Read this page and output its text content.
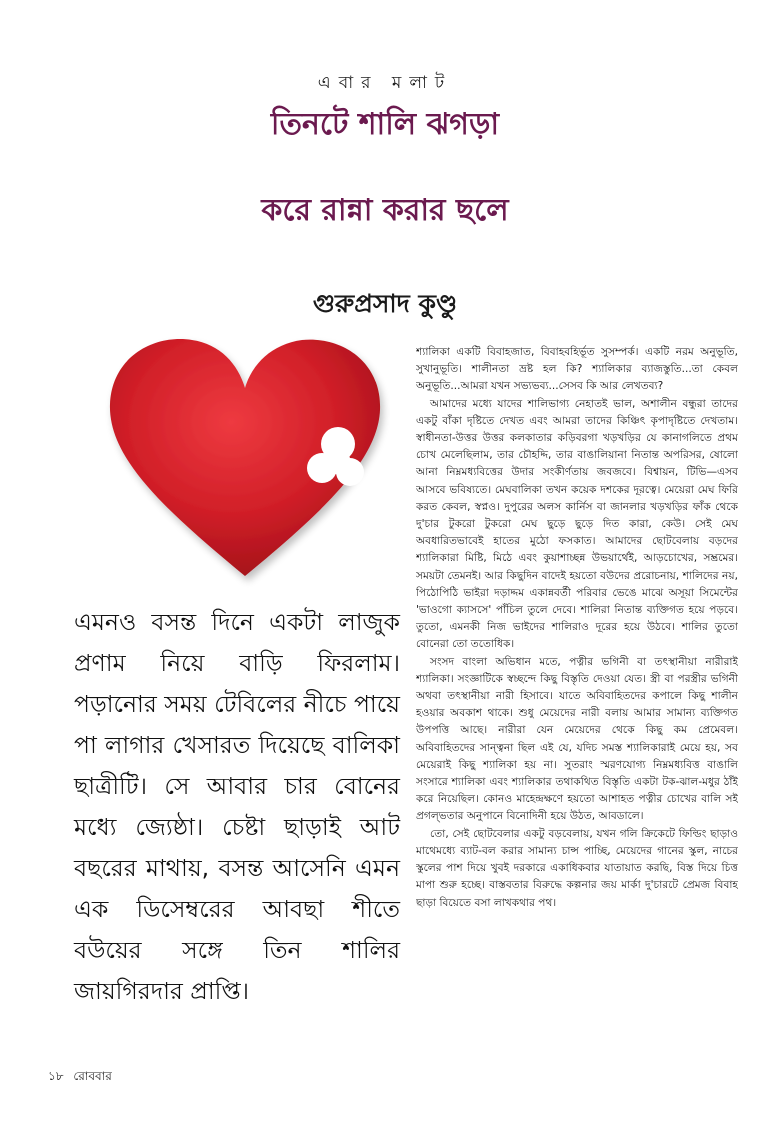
এবার মলাট
তিনটে শালি ঝগড়া
করে রান্না করার ছলে
গুরুপ্রসাদ কুণ্ডু
এমনও বসন্ত দিনে একটা লাজুক প্রণাম নিয়ে বাড়ি ফিরলাম। পড়ানোর সময় টেবিলের নীচে পায়ে পা লাগার খেসারত দিয়েছে বালিকা ছাত্রীটি। সে আবার চার বোনের মধ্যে জ্যেষ্ঠা। চেষ্টা ছাড়াই আট বছরের মাথায়, বসন্ত আসেনি এমন এক ডিসেম্বরের আবছা শীতে বউয়ের সঙ্গে তিন শালির জায়গিরদার প্রাপ্তি।

শ্যালিকা একটি বিবাহজাত, বিবাহবহির্ভূত সুসম্পর্ক। একটি নরম অনুভূতি, সুখানুভূতি। শালীনতা ভ্রষ্ট হল কি? শ্যালিকার ব্যাজস্তুতি...তা কেবল অনুভূতি...আমরা যখন সভ্যভব্য...সেসব কি আর লেখতব্য?

আমাদের মধ্যে যাদের শালিভাগ্য নেহাতই ভাল, অশালীন বন্ধুরা তাদের একটু বাঁকা দৃষ্টিতে দেখত এবং আমরা তাদের কিঞ্চিৎ কৃপাদৃষ্টিতে দেখতাম। স্বাধীনতা-উত্তর উত্তর কলকাতার কড়িবরগা খড়খড়ির যে কানাগলিতে প্রথম চোখ মেলেছিলাম, তার চৌহদ্দি, তার বাঙালিয়ানা নিতান্ত অপরিসর, ষোলো আনা নিম্নমধ্যবিত্তের উদার সংকীর্ণতায় জবজবে। বিশ্বায়ন, টিভি—এসব আসবে ভবিষ্যতে। মেঘবালিকা তখন কয়েক দশকের দূরত্বে। মেয়েরা মেঘ ফিরি করত কেবল, স্বপ্নও। দুপুরের অলস কার্নিস বা জানলার খড়খড়ির ফাঁক থেকে দু'চার টুকরো টুকরো মেঘ ছুড়ে ছুড়ে দিত কারা, কেউ। সেই মেঘ অবধারিতভাবেই হাতের মুঠো ফসকাত। আমাদের ছোটবেলায় বড়দের শ্যালিকারা মিষ্টি, মিঠে এবং কুয়াশাচ্ছন্ন উভয়ার্থেই, আড়চোখের, সম্ভ্রমের। সময়টা তেমনই। আর কিছুদিন বাদেই হয়তো বউদের প্ররোচনায়, শালিদের নয়, পিঠোপিঠি ভাইরা দড়াদ্দম একান্নবর্তী পরিবার ভেঙে মাঝে অসূয়া সিমেন্টের 'ভাওগো ক্যাসসে' পাঁচিল তুলে দেবে। শালিরা নিতান্ত ব্যক্তিগত হয়ে পড়বে। তুতো, এমনকী নিজ ভাইদের শালিরাও দূরের হয়ে উঠবে। শালির তুতো বোনেরা তো ততোধিক।

সংসদ বাংলা অভিধান মতে, পত্নীর ভগিনী বা তৎস্থানীয়া নারীরাই শ্যালিকা। সংজ্ঞাটিকে স্বচ্ছন্দে কিছু বিস্তৃতি দেওয়া যেত। স্ত্রী বা পরস্ত্রীর ভগিনী অথবা তৎস্থানীয়া নারী হিসাবে। যাতে অবিবাহিতদের কপালে কিছু শালীন হওয়ার অবকাশ থাকে। শুধু মেয়েদের নারী বলায় আমার সামান্য ব্যক্তিগত উপপত্তি আছে। নারীরা যেন মেয়েদের থেকে কিছু কম প্রেমেবল। অবিবাহিতদের সান্ত্বনা ছিল এই যে, যদিচ সমস্ত শ্যালিকারাই মেয়ে হয়, সব মেয়েরাই কিছু শ্যালিকা হয় না। সুতরাং স্মরণযোগ্য নিম্নমধ্যবিত্ত বাঙালি সংসারে শ্যালিকা এবং শ্যালিকার তথাকথিত বিস্তৃতি একটা টক-ঝাল-মধুর ঠাঁই করে নিয়েছিল। কোনও মাহেন্দ্রক্ষণে হয়তো আশাহত পত্নীর চোখের বালি সই প্রগল্ভতার অনুপানে বিনোদিনী হয়ে উঠত, আবডালে।

তো, সেই ছোটবেলার একটু বড়বেলায়, যখন গলি ক্রিকেটে ফিল্ডিং ছাড়াও মাথেমধ্যে ব্যাট-বল করার সামান্য চান্স পাচ্ছি, মেয়েদের গানের স্কুল, নাচের স্কুলের পাশ দিয়ে খুবই দরকারে একাধিকবার যাতায়াত করছি, বিস্ত দিয়ে চিত্ত মাপা শুরু হচ্ছে। বাস্তবতার বিরুদ্ধে কল্পনার জয় মার্কা দু'চারটে প্রেমজ বিবাহ ছাড়া বিয়েতে বসা লাখকথার পথ।

১৮ রোববার
